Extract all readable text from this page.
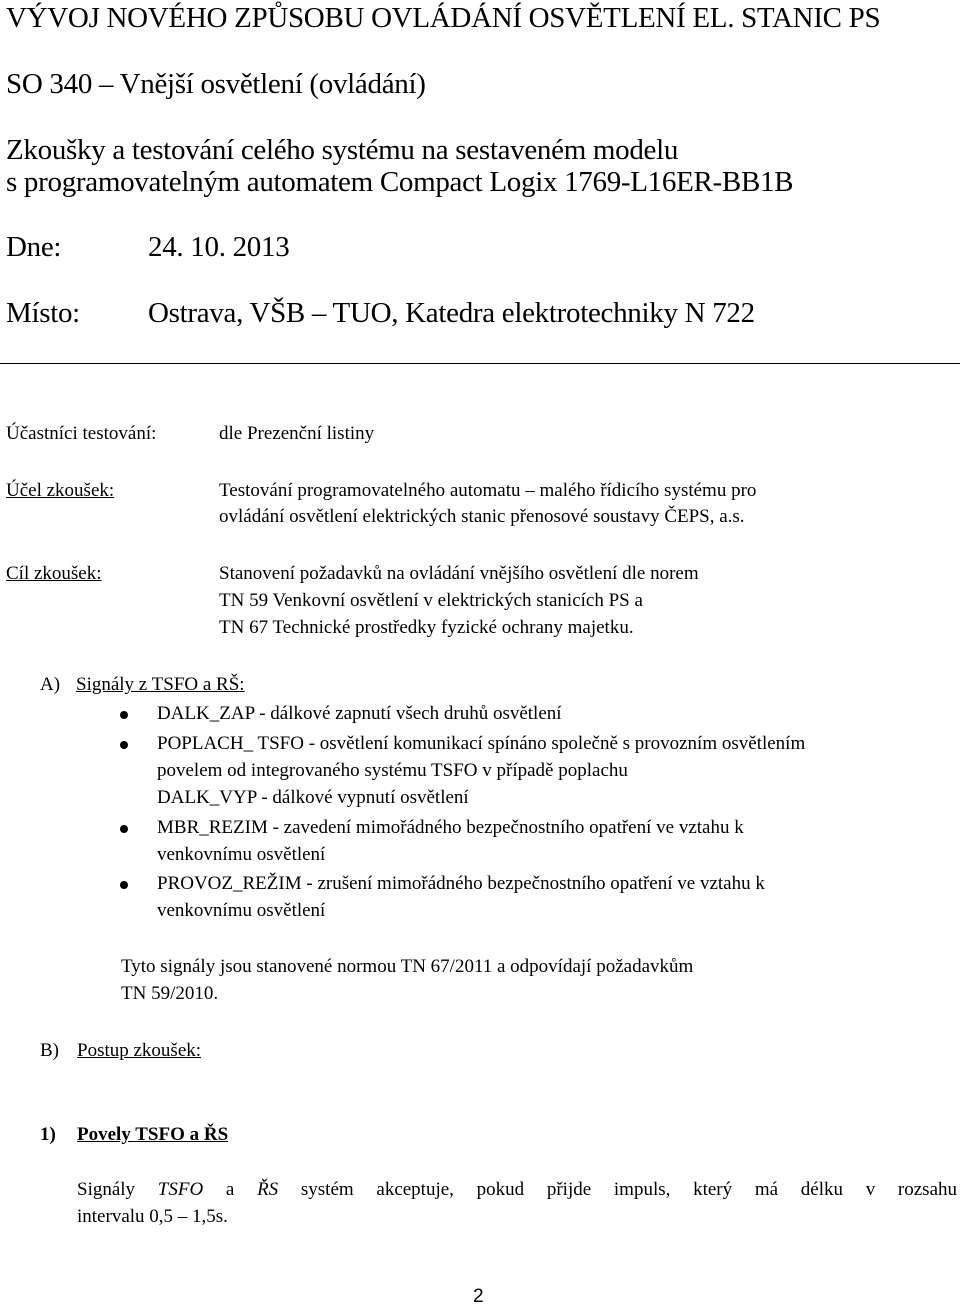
VÝVOJ NOVÉHO ZPŮSOBU OVLÁDÁNÍ OSVĚTLENÍ EL. STANIC PS
SO 340 – Vnější osvětlení (ovládání)
Zkoušky a testování celého systému na sestaveném modelu
s programovatelným automatem Compact Logix 1769-L16ER-BB1B
Dne:	24. 10. 2013
Místo: Ostrava, VŠB – TUO, Katedra elektrotechniky N 722
Účastníci testování:	dle Prezenční listiny
Účel zkoušek:	Testování programovatelného automatu – malého řídicího systému pro
ovládání osvětlení elektrických stanic přenosové soustavy ČEPS, a.s.
Cíl zkoušek:	Stanovení požadavků na ovládání vnějšího osvětlení dle norem
TN 59 Venkovní osvětlení v elektrických stanicích PS a
TN 67 Technické prostředky fyzické ochrany majetku.
A) Signály z TSFO a RŠ:
DALK_ZAP - dálkové zapnutí všech druhů osvětlení
POPLACH_ TSFO - osvětlení komunikací spínáno společně s provozním osvětlením
povelem od integrovaného systému TSFO v případě poplachu
DALK_VYP - dálkové vypnutí osvětlení
MBR_REZIM - zavedení mimořádného bezpečnostního opatření ve vztahu k
venkovnímu osvětlení
PROVOZ_REŽIM - zrušení mimořádného bezpečnostního opatření ve vztahu k
venkovnímu osvětlení
Tyto signály jsou stanovené normou TN 67/2011 a odpovídají požadavkům
TN 59/2010.
B) Postup zkoušek:
1) Povely TSFO a ŘS
Signály TSFO a ŘS systém akceptuje, pokud přijde impuls, který má délku v rozsahu
intervalu 0,5 – 1,5s.
2
